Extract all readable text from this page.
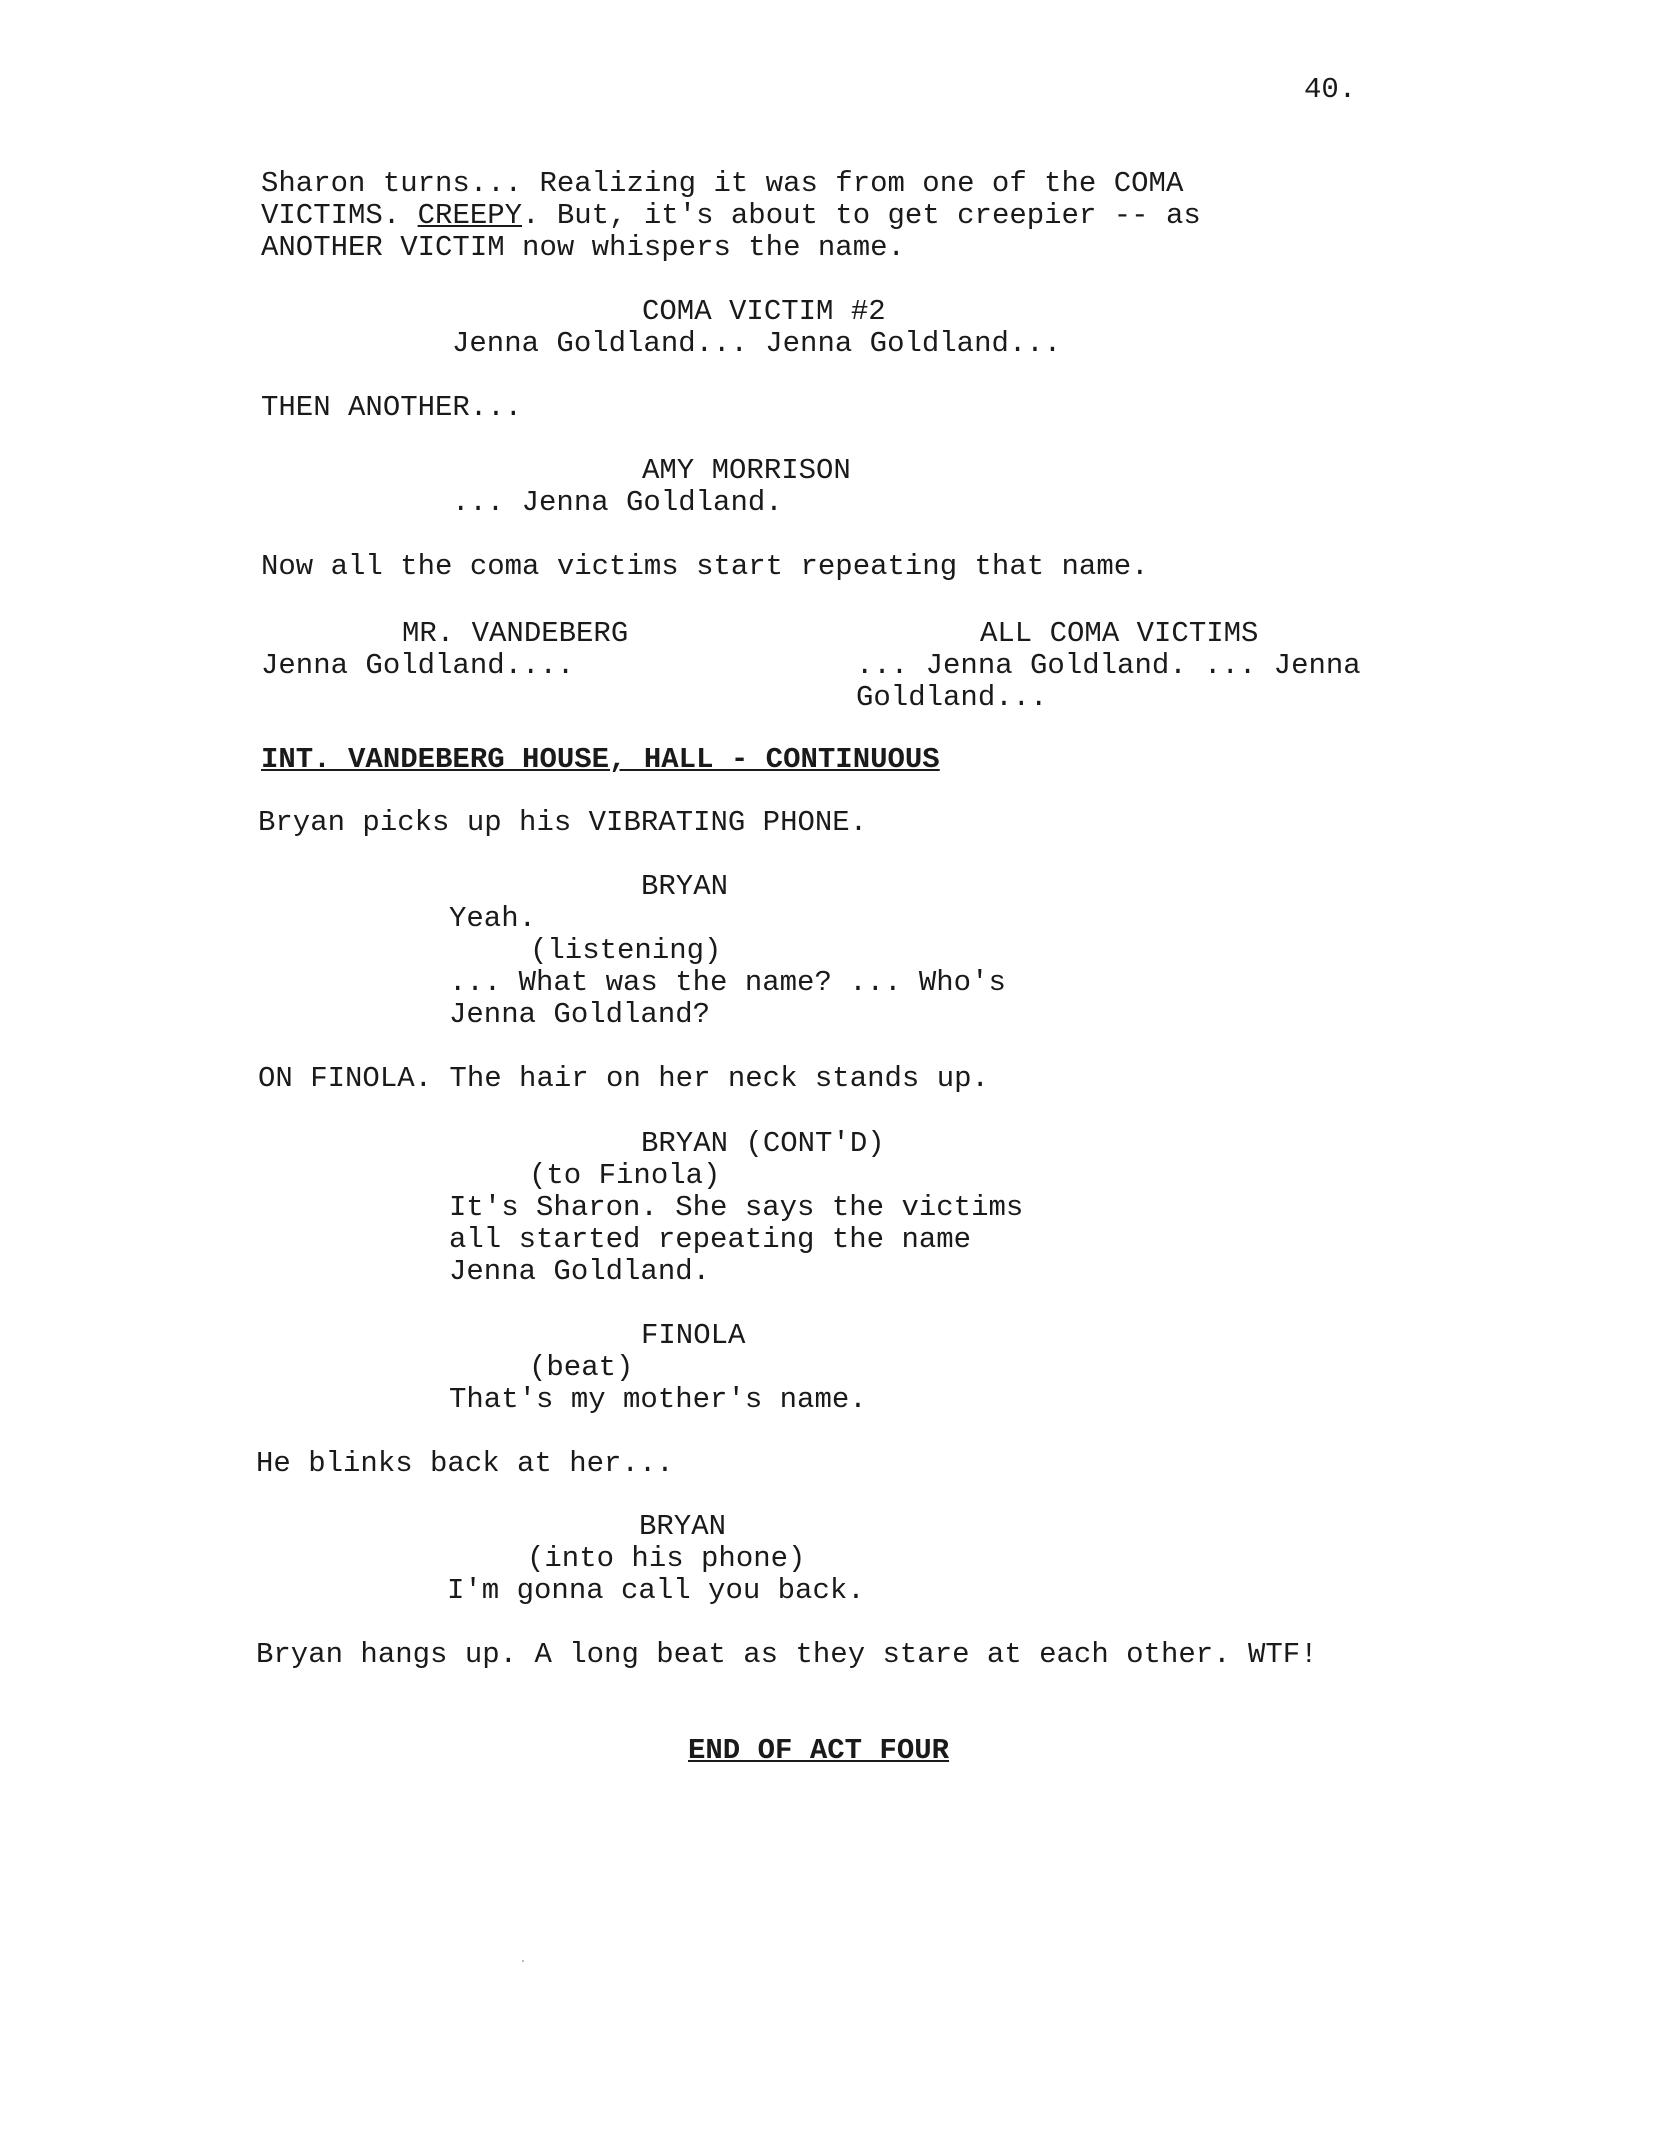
40.
Sharon turns... Realizing it was from one of the COMA
VICTIMS. CREEPY. But, it's about to get creepier -- as
ANOTHER VICTIM now whispers the name.
COMA VICTIM #2
Jenna Goldland... Jenna Goldland...
THEN ANOTHER...
AMY MORRISON
... Jenna Goldland.
Now all the coma victims start repeating that name.
MR. VANDEBERG
Jenna Goldland....
ALL COMA VICTIMS
... Jenna Goldland. ... Jenna
Goldland...
INT. VANDEBERG HOUSE, HALL - CONTINUOUS
Bryan picks up his VIBRATING PHONE.
BRYAN
Yeah.
(listening)
... What was the name? ... Who's
Jenna Goldland?
ON FINOLA. The hair on her neck stands up.
BRYAN (CONT'D)
(to Finola)
It's Sharon. She says the victims
all started repeating the name
Jenna Goldland.
FINOLA
(beat)
That's my mother's name.
He blinks back at her...
BRYAN
(into his phone)
I'm gonna call you back.
Bryan hangs up. A long beat as they stare at each other. WTF!
END OF ACT FOUR
